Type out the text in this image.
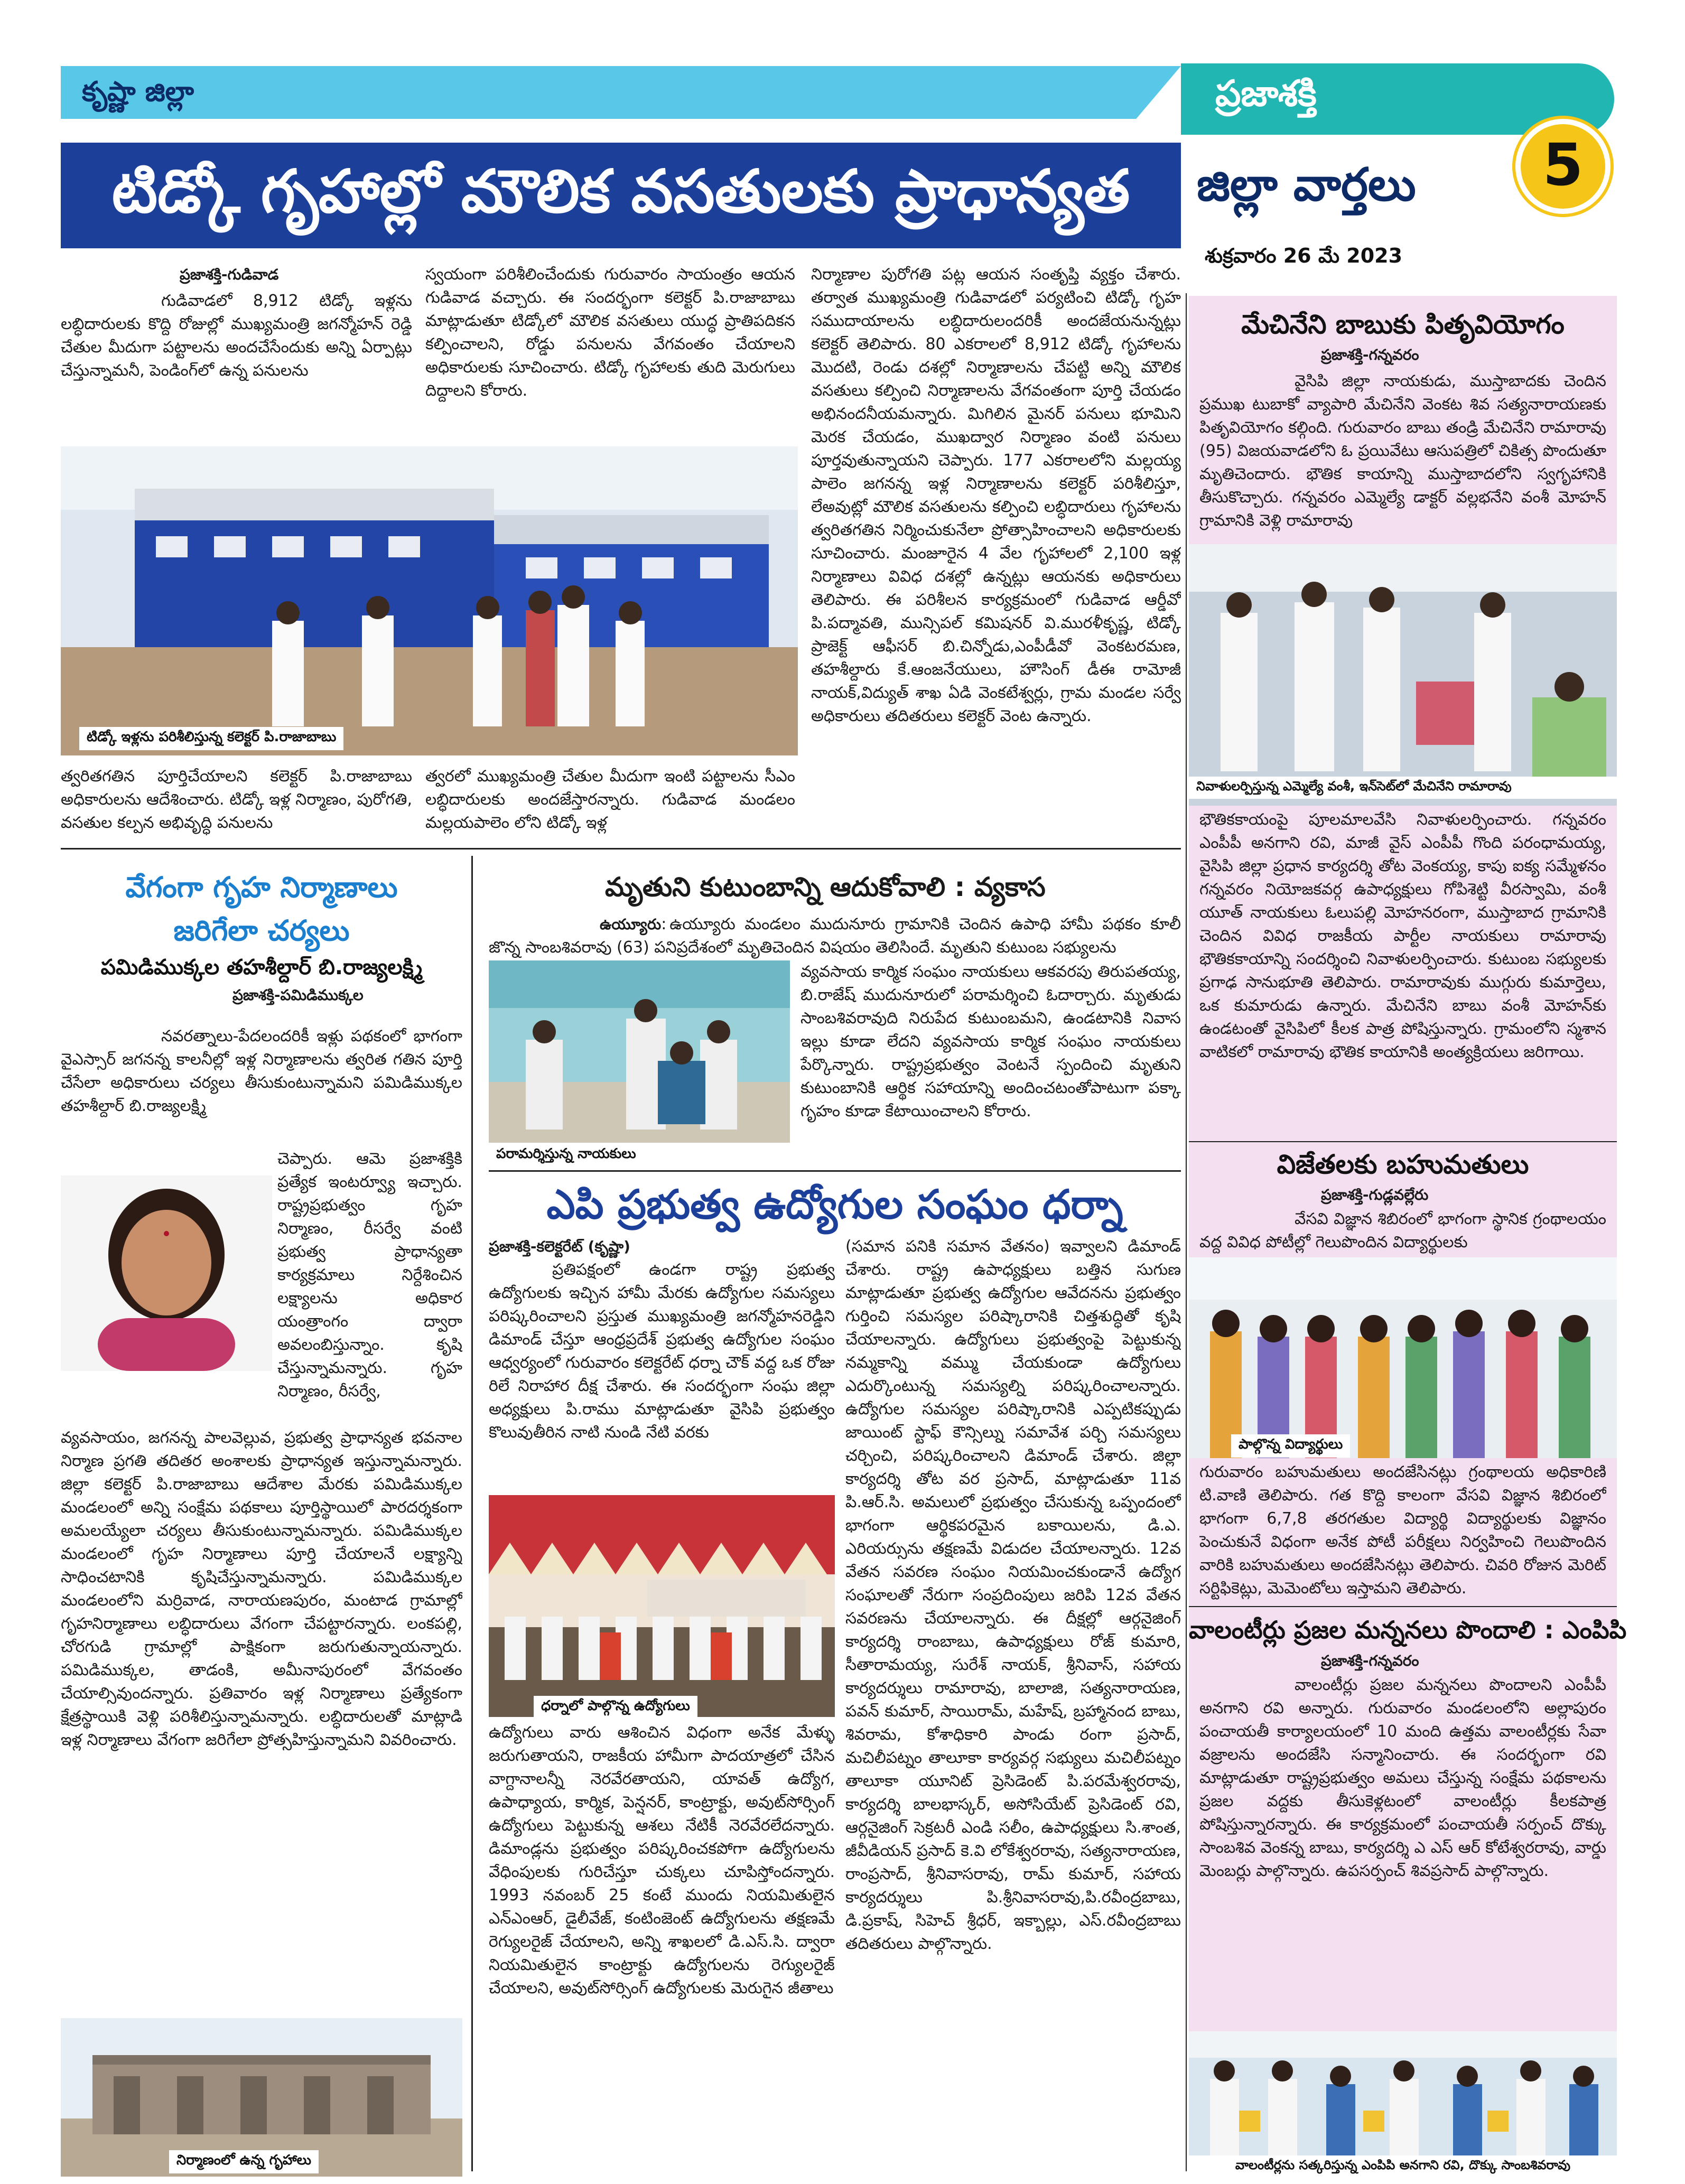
కృష్ణా జిల్లా	ప్రజాశక్తి
జిల్లా వార్తలు	5
శుక్రవారం 26 మే 2023
టిడ్కో గృహాల్లో మౌలిక వసతులకు ప్రాధాన్యత
ప్రజాశక్తి-గుడివాడ
గుడివాడలో 8,912 టిడ్కో ఇళ్లను లబ్ధిదారులకు కొద్ది రోజుల్లో ముఖ్యమంత్రి జగన్మోహన్ రెడ్డి చేతుల మీదుగా పట్టాలను అందచేసేందుకు అన్ని ఏర్పాట్లు చేస్తున్నామనీ, పెండింగ్‌లో ఉన్న పనులను
స్వయంగా పరిశీలించేందుకు గురువారం సాయంత్రం ఆయన గుడివాడ వచ్చారు. ఈ సందర్భంగా కలెక్టర్ పి.రాజాబాబు మాట్లాడుతూ టిడ్కోలో మౌలిక వసతులు యుద్ధ ప్రాతిపదికన కల్పించాలని, రోడ్డు పనులను వేగవంతం చేయాలని అధికారులకు సూచించారు. టిడ్కో గృహాలకు తుది మెరుగులు దిద్దాలని కోరారు.
నిర్మాణాల పురోగతి పట్ల ఆయన సంతృప్తి వ్యక్తం చేశారు. తర్వాత ముఖ్యమంత్రి గుడివాడలో పర్యటించి టిడ్కో గృహ సముదాయాలను లబ్ధిదారులందరికీ అందజేయనున్నట్లు కలెక్టర్ తెలిపారు. 80 ఎకరాలలో 8,912 టిడ్కో గృహాలను మొదటి, రెండు దశల్లో నిర్మాణాలను చేపట్టి అన్ని మౌలిక వసతులు కల్పించి నిర్మాణాలను వేగవంతంగా పూర్తి చేయడం అభినందనీయమన్నారు. మిగిలిన మైనర్ పనులు భూమిని మెరక చేయడం, ముఖద్వార నిర్మాణం వంటి పనులు పూర్తవుతున్నాయని చెప్పారు. 177 ఎకరాలలోని మల్లయ్య పాలెం జగనన్న ఇళ్ల నిర్మాణాలను కలెక్టర్ పరిశీలిస్తూ, లేఅవుట్లో మౌలిక వసతులను కల్పించి లబ్ధిదారులు గృహాలను త్వరితగతిన నిర్మించుకునేలా ప్రోత్సాహించాలని అధికారులకు సూచించారు. మంజూరైన 4 వేల గృహాలలో 2,100 ఇళ్ల నిర్మాణాలు వివిధ దశల్లో ఉన్నట్లు ఆయనకు అధికారులు తెలిపారు. ఈ పరిశీలన కార్యక్రమంలో గుడివాడ ఆర్డీవో పి.పద్మావతి, మున్సిపల్ కమిషనర్ వి.మురళీకృష్ణ, టిడ్కో ప్రాజెక్ట్ ఆఫీసర్ బి.చిన్నోడు,ఎంపీడీవో వెంకటరమణ, తహశీల్దారు కే.ఆంజనేయులు, హౌసింగ్ డీఈ రామోజీ నాయక్,విద్యుత్ శాఖ ఏడి వెంకటేశ్వర్లు, గ్రామ మండల సర్వే అధికారులు తదితరులు కలెక్టర్ వెంట ఉన్నారు.
టిడ్కో ఇళ్లను పరిశీలిస్తున్న కలెక్టర్ పి.రాజాబాబు
త్వరితగతిన పూర్తిచేయాలని కలెక్టర్ పి.రాజాబాబు అధికారులను ఆదేశించారు. టిడ్కో ఇళ్ల నిర్మాణం, పురోగతి, వసతుల కల్పన అభివృద్ధి పనులను
త్వరలో ముఖ్యమంత్రి చేతుల మీదుగా ఇంటి పట్టాలను సీఎం లబ్ధిదారులకు అందజేస్తారన్నారు. గుడివాడ మండలం మల్లయపాలెం లోని టిడ్కో ఇళ్ల
వేగంగా గృహ నిర్మాణాలు
జరిగేలా చర్యలు
పమిడిముక్కల తహశీల్దార్ బి.రాజ్యలక్ష్మి
ప్రజాశక్తి-పమిడిముక్కల
నవరత్నాలు-పేదలందరికీ ఇళ్లు పథకంలో భాగంగా వైఎస్సార్ జగనన్న కాలనీల్లో ఇళ్ల నిర్మాణాలను త్వరిత గతిన పూర్తి చేసేలా అధికారులు చర్యలు తీసుకుంటున్నామని పమిడిముక్కల తహశీల్దార్ బి.రాజ్యలక్ష్మి
చెప్పారు. ఆమె ప్రజాశక్తికి ప్రత్యేక ఇంటర్వ్యూ ఇచ్చారు. రాష్ట్రప్రభుత్వం గృహ నిర్మాణం, రీసర్వే వంటి ప్రభుత్వ ప్రాధాన్యతా కార్యక్రమాలు నిర్దేశించిన లక్ష్యాలను అధికార యంత్రాంగం ద్వారా అవలంబిస్తున్నాం. కృషి చేస్తున్నామన్నారు. గృహ నిర్మాణం, రీసర్వే,
వ్యవసాయం, జగనన్న పాలవెల్లువ, ప్రభుత్వ ప్రాధాన్యత భవనాల నిర్మాణ ప్రగతి తదితర అంశాలకు ప్రాధాన్యత ఇస్తున్నామన్నారు. జిల్లా కలెక్టర్ పి.రాజాబాబు ఆదేశాల మేరకు పమిడిముక్కల మండలంలో అన్ని సంక్షేమ పథకాలు పూర్తిస్థాయిలో పారదర్శకంగా అమలయ్యేలా చర్యలు తీసుకుంటున్నామన్నారు. పమిడిముక్కల మండలంలో గృహ నిర్మాణాలు పూర్తి చేయాలనే లక్ష్యాన్ని సాధించటానికి కృషిచేస్తున్నామన్నారు. పమిడిముక్కల మండలంలోని మర్రివాడ, నారాయణపురం, మంటాడ గ్రామాల్లో గృహనిర్మాణాలు లబ్ధిదారులు వేగంగా చేపట్టారన్నారు. లంకపల్లి, చోరగుడి గ్రామాల్లో పాక్షికంగా జరుగుతున్నాయన్నారు. పమిడిముక్కల, తాడంకి, అమీనాపురంలో వేగవంతం చేయాల్సివుందన్నారు. ప్రతివారం ఇళ్ల నిర్మాణాలు ప్రత్యేకంగా క్షేత్రస్థాయికి వెళ్లి పరిశీలిస్తున్నామన్నారు. లబ్ధిదారులతో మాట్లాడి ఇళ్ల నిర్మాణాలు వేగంగా జరిగేలా ప్రోత్సహిస్తున్నామని వివరించారు.
నిర్మాణంలో ఉన్న గృహాలు
మృతుని కుటుంబాన్ని ఆదుకోవాలి : వ్యకాస
ఉయ్యూరు: ఉయ్యూరు మండలం ముదునూరు గ్రామానికి చెందిన ఉపాధి హామీ పథకం కూలీ జొన్న సాంబశివరావు (63) పనిప్రదేశంలో మృతిచెందిన విషయం తెలిసిందే. మృతుని కుటుంబ సభ్యులను
పరామర్శిస్తున్న నాయకులు
వ్యవసాయ కార్మిక సంఘం నాయకులు ఆకవరపు తిరుపతయ్య, బి.రాజేష్ ముదునూరులో పరామర్శించి ఓదార్చారు. మృతుడు సాంబశివరావుది నిరుపేద కుటుంబమని, ఉండటానికి నివాస ఇల్లు కూడా లేదని వ్యవసాయ కార్మిక సంఘం నాయకులు పేర్కొన్నారు. రాష్ట్రప్రభుత్వం వెంటనే స్పందించి మృతుని కుటుంబానికి ఆర్థిక సహాయాన్ని అందించటంతోపాటుగా పక్కా గృహం కూడా కేటాయించాలని కోరారు.
ఎపి ప్రభుత్వ ఉద్యోగుల సంఘం ధర్నా
ప్రజాశక్తి-కలెక్టరేట్ (కృష్ణా)
ప్రతిపక్షంలో ఉండగా రాష్ట్ర ప్రభుత్వ ఉద్యోగులకు ఇచ్చిన హామీ మేరకు ఉద్యోగుల సమస్యలు పరిష్కరించాలని ప్రస్తుత ముఖ్యమంత్రి జగన్మోహనరెడ్డిని డిమాండ్ చేస్తూ ఆంధ్రప్రదేశ్ ప్రభుత్వ ఉద్యోగుల సంఘం ఆధ్వర్యంలో గురువారం కలెక్టరేట్ ధర్నా చౌక్ వద్ద ఒక రోజు రిలే నిరాహార దీక్ష చేశారు. ఈ సందర్భంగా సంఘ జిల్లా అధ్యక్షులు పి.రాము మాట్లాడుతూ వైసిపి ప్రభుత్వం కొలువుతీరిన నాటి నుండి నేటి వరకు
ధర్నాలో పాల్గొన్న ఉద్యోగులు
ఉద్యోగులు వారు ఆశించిన విధంగా అనేక మేళ్ళు జరుగుతాయని, రాజకీయ హామీగా పాదయాత్రలో చేసిన వాగ్దానాలన్నీ నెరవేరతాయని, యావత్ ఉద్యోగ, ఉపాధ్యాయ, కార్మిక, పెన్షనర్, కాంట్రాక్టు, అవుట్‌సోర్సింగ్ ఉద్యోగులు పెట్టుకున్న ఆశలు నేటికీ నెరవేరలేదన్నారు. డిమాండ్లను ప్రభుత్వం పరిష్కరించకపోగా ఉద్యోగులను వేధింపులకు గురిచేస్తూ చుక్కలు చూపిస్తోందన్నారు. 1993 నవంబర్ 25 కంటే ముందు నియమితులైన ఎన్ఎంఆర్, డైలీవేజ్, కంటింజెంట్ ఉద్యోగులను తక్షణమే రెగ్యులరైజ్ చేయాలని, అన్ని శాఖలలో డి.ఎస్.సి. ద్వారా నియమితులైన కాంట్రాక్టు ఉద్యోగులను రెగ్యులరైజ్ చేయాలని, అవుట్‌సోర్సింగ్ ఉద్యోగులకు మెరుగైన జీతాలు
(సమాన పనికి సమాన వేతనం) ఇవ్వాలని డిమాండ్ చేశారు. రాష్ట్ర ఉపాధ్యక్షులు బత్తిన సుగుణ మాట్లాడుతూ ప్రభుత్వ ఉద్యోగుల ఆవేదనను ప్రభుత్వం గుర్తించి సమస్యల పరిష్కారానికి చిత్తశుద్ధితో కృషి చేయాలన్నారు. ఉద్యోగులు ప్రభుత్వంపై పెట్టుకున్న నమ్మకాన్ని వమ్ము చేయకుండా ఉద్యోగులు ఎదుర్కొంటున్న సమస్యల్ని పరిష్కరించాలన్నారు. ఉద్యోగుల సమస్యల పరిష్కారానికి ఎప్పటికప్పుడు జాయింట్ స్టాఫ్ కౌన్సిల్ను సమావేశ పర్చి సమస్యలు చర్చించి, పరిష్కరించాలని డిమాండ్ చేశారు. జిల్లా కార్యదర్శి తోట వర ప్రసాద్, మాట్లాడుతూ 11వ పి.ఆర్.సి. అమలులో ప్రభుత్వం చేసుకున్న ఒప్పందంలో భాగంగా ఆర్థికపరమైన బకాయిలను, డి.ఎ. ఎరియర్సును తక్షణమే విడుదల చేయాలన్నారు. 12వ వేతన సవరణ సంఘం నియమించకుండానే ఉద్యోగ సంఘాలతో నేరుగా సంప్రదింపులు జరిపి 12వ వేతన సవరణను చేయాలన్నారు. ఈ దీక్షల్లో ఆర్గనైజింగ్ కార్యదర్శి రాంబాబు, ఉపాధ్యక్షులు రోజ్ కుమారి, సీతారామయ్య, సురేశ్ నాయక్, శ్రీనివాస్, సహాయ కార్యదర్శులు రామారావు, బాలాజి, సత్యనారాయణ, పవన్ కుమార్, సాయిరామ్, మహేష్, బ్రహ్మానంద బాబు, శివరామ, కోశాధికారి పాండు రంగా ప్రసాద్, మచిలీపట్నం తాలూకా కార్యవర్గ సభ్యులు మచిలీపట్నం తాలూకా యూనిట్ ప్రెసిడెంట్ పి.పరమేశ్వరరావు, కార్యదర్శి బాలభాస్కర్, అసోసియేట్ ప్రెసిడెంట్ రవి, ఆర్గనైజింగ్ సెక్రటరీ ఎండి సలీం, ఉపాధ్యక్షులు సి.శాంత, జీవీడియన్ ప్రసాద్ కె.వి లోకేశ్వరరావు, సత్యనారాయణ, రాంప్రసాద్, శ్రీనివాసరావు, రామ్ కుమార్, సహాయ కార్యదర్శులు పి.శ్రీనివాసరావు,పి.రవీంద్రబాబు, డి.ప్రకాష్, సిహెచ్ శ్రీధర్, ఇక్బాల్లు, ఎస్.రవీంద్రబాబు తదితరులు పాల్గొన్నారు.
మేచినేని బాబుకు పితృవియోగం
ప్రజాశక్తి-గన్నవరం
వైసిపి జిల్లా నాయకుడు, ముస్తాబాదకు చెందిన ప్రముఖ టుబాకో వ్యాపారి మేచినేని వెంకట శివ సత్యనారాయణకు పితృవియోగం కల్గింది. గురువారం బాబు తండ్రి మేచినేని రామారావు (95) విజయవాడలోని ఓ ప్రయివేటు ఆసుపత్రిలో చికిత్స పొందుతూ మృతిచెందారు. భౌతిక కాయాన్ని ముస్తాబాదలోని స్వగృహానికి తీసుకొచ్చారు. గన్నవరం ఎమ్మెల్యే డాక్టర్ వల్లభనేని వంశీ మోహన్ గ్రామానికి వెళ్లి రామారావు
నివాళులర్పిస్తున్న ఎమ్మెల్యే వంశీ, ఇన్‌సెట్‌లో మేచినేని రామారావు
భౌతికకాయంపై పూలమాలవేసి నివాళులర్పించారు. గన్నవరం ఎంపీపీ అనగాని రవి, మాజీ వైస్ ఎంపీపీ గొంది పరంధామయ్య, వైసిపి జిల్లా ప్రధాన కార్యదర్శి తోట వెంకయ్య, కాపు ఐక్య సమ్మేళనం గన్నవరం నియోజకవర్గ ఉపాధ్యక్షులు గోపిశెట్టి వీరస్వామి, వంశీ యూత్ నాయకులు ఓలుపల్లి మోహనరంగా, ముస్తాబాద గ్రామానికి చెందిన వివిధ రాజకీయ పార్టీల నాయకులు రామారావు భౌతికకాయాన్ని సందర్శించి నివాళులర్పించారు. కుటుంబ సభ్యులకు ప్రగాఢ సానుభూతి తెలిపారు. రామారావుకు ముగ్గురు కుమార్తెలు, ఒక కుమారుడు ఉన్నారు. మేచినేని బాబు వంశీ మోహన్‌కు ఉండటంతో వైసిపిలో కీలక పాత్ర పోషిస్తున్నారు. గ్రామంలోని స్మశాన వాటికలో రామారావు భౌతిక కాయానికి అంత్యక్రియలు జరిగాయి.
విజేతలకు బహుమతులు
ప్రజాశక్తి-గుడ్లవల్లేరు
వేసవి విజ్ఞాన శిబిరంలో భాగంగా స్థానిక గ్రంథాలయం వద్ద వివిధ పోటీల్లో గెలుపొందిన విద్యార్థులకు
పాల్గొన్న విద్యార్థులు
గురువారం బహుమతులు అందజేసినట్లు గ్రంథాలయ అధికారిణి టి.వాణి తెలిపారు. గత కొద్ది కాలంగా వేసవి విజ్ఞాన శిబిరంలో భాగంగా 6,7,8 తరగతుల విద్యార్థి విద్యార్థులకు విజ్ఞానం పెంచుకునే విధంగా అనేక పోటీ పరీక్షలు నిర్వహించి గెలుపొందిన వారికి బహుమతులు అందజేసినట్లు తెలిపారు. చివరి రోజున మెరిట్ సర్టిఫికెట్లు, మెమెంటోలు ఇస్తామని తెలిపారు.
వాలంటీర్లు ప్రజల మన్ననలు పొందాలి : ఎంపిపి
ప్రజాశక్తి-గన్నవరం
వాలంటీర్లు ప్రజల మన్ననలు పొందాలని ఎంపీపీ అనగాని రవి అన్నారు. గురువారం మండలంలోని అల్లాపురం పంచాయతీ కార్యాలయంలో 10 మంది ఉత్తమ వాలంటీర్లకు సేవా వజ్రాలను అందజేసి సన్మానించారు. ఈ సందర్భంగా రవి మాట్లాడుతూ రాష్ట్రప్రభుత్వం అమలు చేస్తున్న సంక్షేమ పథకాలను ప్రజల వద్దకు తీసుకెళ్లటంలో వాలంటీర్లు కీలకపాత్ర పోషిస్తున్నారన్నారు. ఈ కార్యక్రమంలో పంచాయతీ సర్పంచ్ దొక్కు సాంబశివ వెంకన్న బాబు, కార్యదర్శి ఎ ఎస్ ఆర్ కోటేశ్వరరావు, వార్డు మెంబర్లు పాల్గొన్నారు. ఉపసర్పంచ్ శివప్రసాద్ పాల్గొన్నారు.
వాలంటీర్లను సత్కరిస్తున్న ఎంపిపి అనగాని రవి, దొక్కు సాంబశివరావు
